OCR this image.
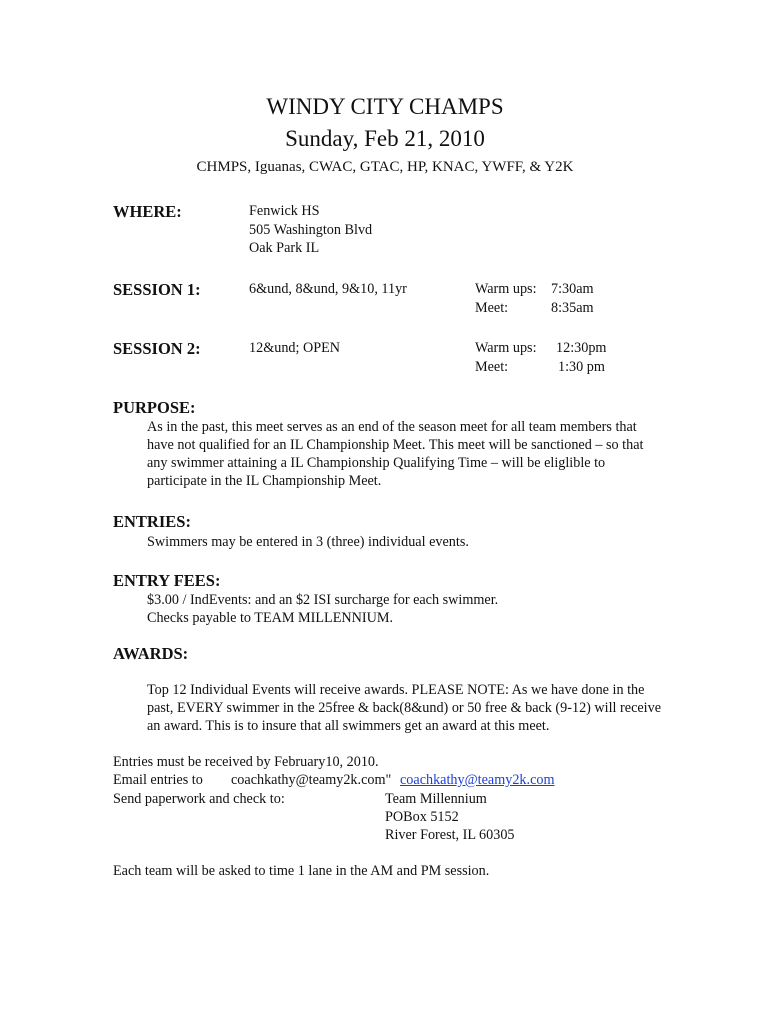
WINDY CITY CHAMPS
Sunday, Feb 21, 2010
CHMPS, Iguanas, CWAC, GTAC, HP, KNAC, YWFF, & Y2K
WHERE:	Fenwick HS
505 Washington Blvd
Oak Park IL
SESSION 1:	6&und, 8&und, 9&10, 11yr	Warm ups: 7:30am
Meet:	8:35am
SESSION 2:	12&und; OPEN	Warm ups: 12:30pm
Meet:	1:30 pm
PURPOSE:
As in the past, this meet serves as an end of the season meet for all team members that have not qualified for an IL Championship Meet. This meet will be sanctioned – so that any swimmer attaining a IL Championship Qualifying Time – will be eliglible to participate in the IL Championship Meet.
ENTRIES:
Swimmers may be entered in 3 (three) individual events.
ENTRY FEES:
$3.00 / IndEvents: and an $2 ISI surcharge for each swimmer.
Checks payable to TEAM MILLENNIUM.
AWARDS:
Top 12 Individual Events will receive awards. PLEASE NOTE: As we have done in the past, EVERY swimmer in the 25free & back(8&und) or 50 free & back (9-12) will receive an award. This is to insure that all swimmers get an award at this meet.
Entries must be received by February10, 2010.
Email entries to coachkathy@teamy2k.com" coachkathy@teamy2k.com
Send paperwork and check to:	Team Millennium
POBox 5152
River Forest, IL 60305
Each team will be asked to time 1 lane in the AM and PM session.
